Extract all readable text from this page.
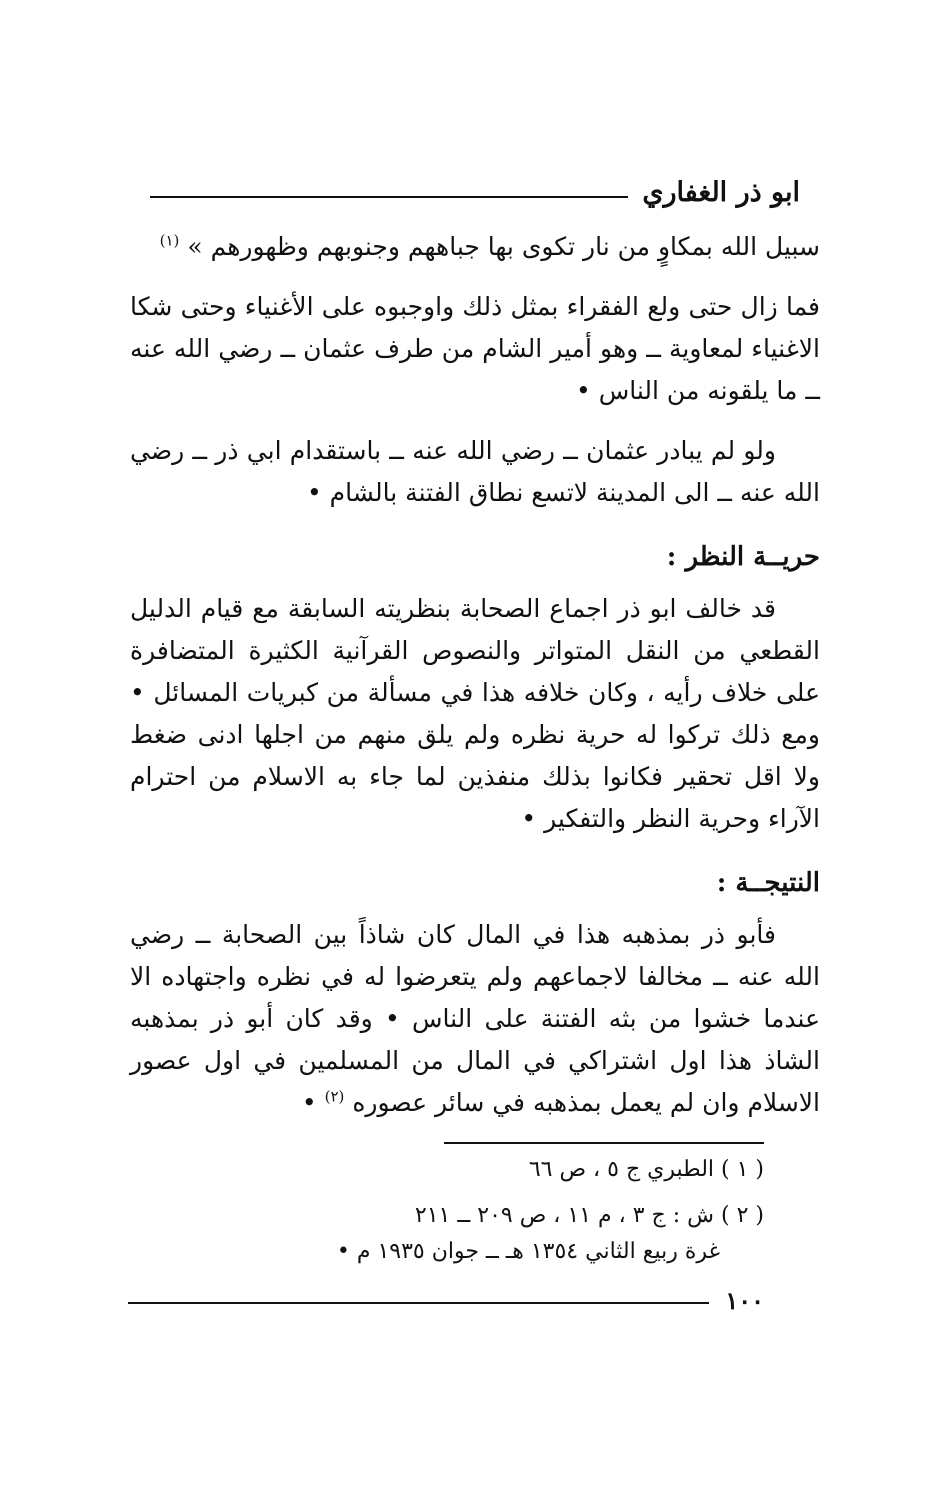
ابو ذر الغفاري

سبيل الله بمكاوٍ من نار تكوى بها جباههم وجنوبهم وظهورهم » $^{(١)}$

فما زال حتى ولع الفقراء بمثل ذلك واوجبوه على الأغنياء وحتى شكا الاغنياء لمعاوية ــ وهو أمير الشام من طرف عثمان ــ رضي الله عنه ــ ما يلقونه من الناس •

ولو لم يبادر عثمان ــ رضي الله عنه ــ باستقدام ابي ذر ــ رضي الله عنه ــ الى المدينة لاتسع نطاق الفتنة بالشام •

حريــة النظر :

قد خالف ابو ذر اجماع الصحابة بنظريته السابقة مع قيام الدليل القطعي من النقل المتواتر والنصوص القرآنية الكثيرة المتضافرة على خلاف رأيه ، وكان خلافه هذا في مسألة من كبريات المسائل • ومع ذلك تركوا له حرية نظره ولم يلق منهم من اجلها ادنى ضغط ولا اقل تحقير فكانوا بذلك منفذين لما جاء به الاسلام من احترام الآراء وحرية النظر والتفكير •

النتيجــة :

فأبو ذر بمذهبه هذا في المال كان شاذاً بين الصحابة ــ رضي الله عنه ــ مخالفا لاجماعهم ولم يتعرضوا له في نظره واجتهاده الا عندما خشوا من بثه الفتنة على الناس • وقد كان أبو ذر بمذهبه الشاذ هذا اول اشتراكي في المال من المسلمين في اول عصور الاسلام وان لم يعمل بمذهبه في سائر عصوره $^{(٢)}$ •

( ١ ) الطبري ج ٥ ، ص ٦٦
( ٢ ) ش : ج ٣ ، م ١١ ، ص ٢٠٩ ــ ٢١١
غرة ربيع الثاني ١٣٥٤ هـ ــ جوان ١٩٣٥ م •
١٠٠
